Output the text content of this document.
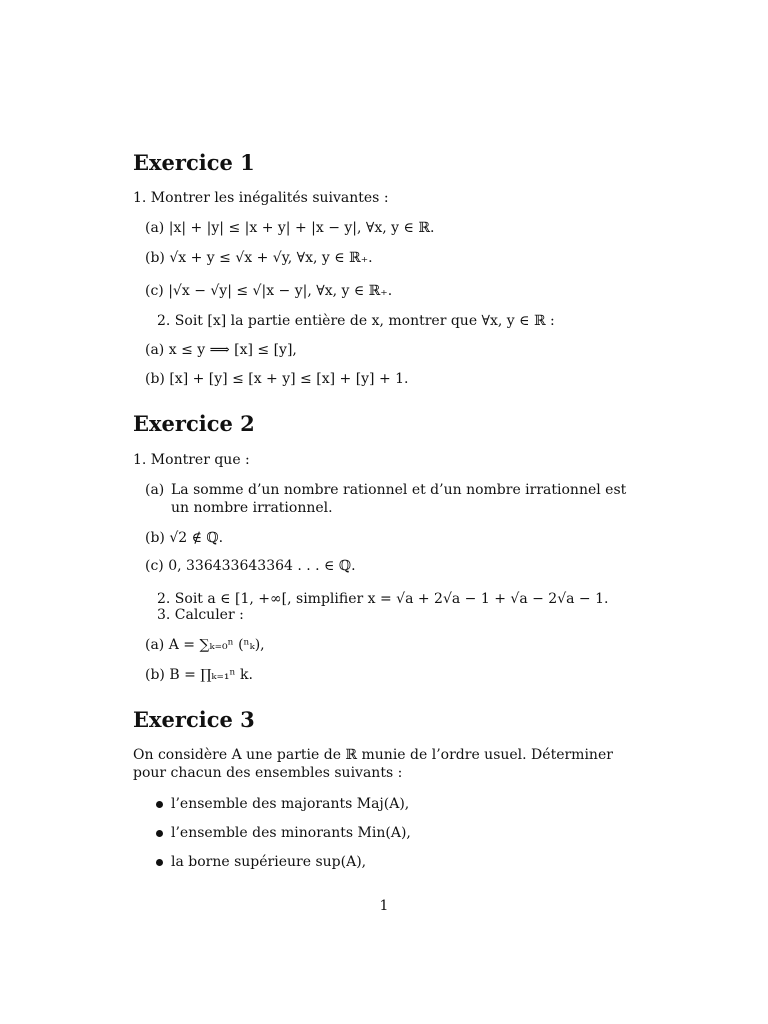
Exercice 1
1. Montrer les inégalités suivantes :
(a) |x| + |y| ≤ |x + y| + |x − y|, ∀x, y ∈ ℝ.
(b) √x + y ≤ √x + √y, ∀x, y ∈ ℝ₊.
(c) |√x − √y| ≤ √|x − y|, ∀x, y ∈ ℝ₊.
2. Soit [x] la partie entière de x, montrer que ∀x, y ∈ ℝ :
(a) x ≤ y ⟹ [x] ≤ [y],
(b) [x] + [y] ≤ [x + y] ≤ [x] + [y] + 1.
Exercice 2
1. Montrer que :
(a) La somme d’un nombre rationnel et d’un nombre irrationnel est un nombre irrationnel.
(b) √2 ∉ ℚ.
(c) 0, 336433643364 . . . ∈ ℚ.
2. Soit a ∈ [1, +∞[, simplifier x = √a + 2√a − 1 + √a − 2√a − 1.
3. Calculer :
(a) A = ∑ₖ₌₀ⁿ (ⁿₖ),
(b) B = ∏ₖ₌₁ⁿ k.
Exercice 3
On considère A une partie de ℝ munie de l’ordre usuel. Déterminer pour chacun des ensembles suivants :
l’ensemble des majorants Maj(A),
l’ensemble des minorants Min(A),
la borne supérieure sup(A),
1
